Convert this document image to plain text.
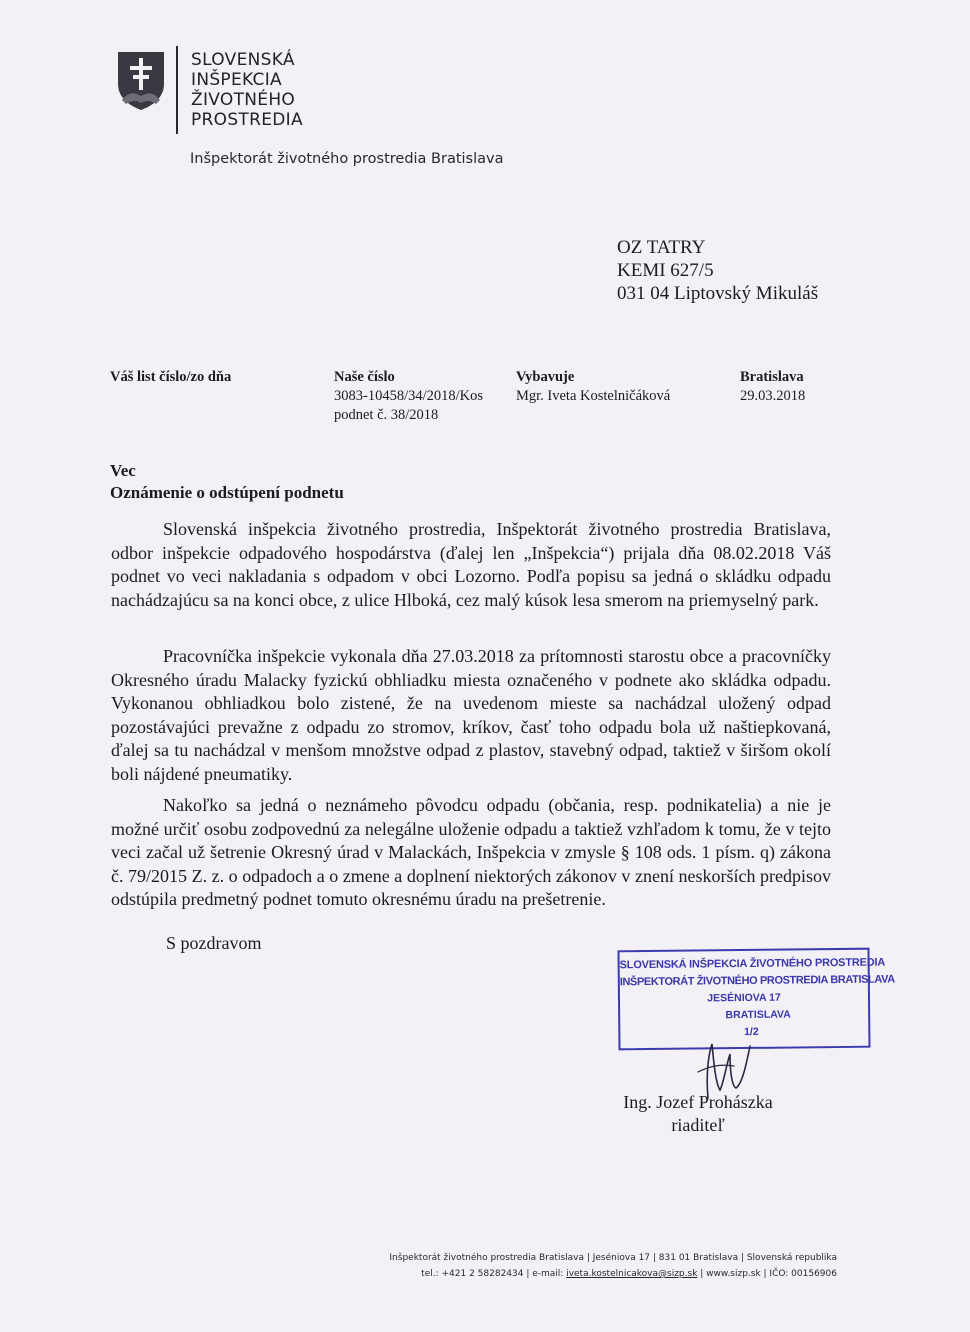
SLOVENSKÁ
INŠPEKCIA
ŽIVOTNÉHO
PROSTREDIA
Inšpektorát životného prostredia Bratislava
OZ TATRY
KEMI 627/5
031 04 Liptovský Mikuláš
Váš list číslo/zo dňa	Naše číslo
3083-10458/34/2018/Kos
podnet č. 38/2018
Vybavuje
Mgr. Iveta Kostelničáková
Bratislava
29.03.2018
Vec
Oznámenie o odstúpení podnetu
Slovenská inšpekcia životného prostredia, Inšpektorát životného prostredia Bratislava, odbor inšpekcie odpadového hospodárstva (ďalej len „Inšpekcia“) prijala dňa 08.02.2018 Váš podnet vo veci nakladania s odpadom v obci Lozorno. Podľa popisu sa jedná o skládku odpadu nachádzajúcu sa na konci obce, z ulice Hlboká, cez malý kúsok lesa smerom na priemyselný park.
Pracovníčka inšpekcie vykonala dňa 27.03.2018 za prítomnosti starostu obce a pracovníčky Okresného úradu Malacky fyzickú obhliadku miesta označeného v podnete ako skládka odpadu. Vykonanou obhliadkou bolo zistené, že na uvedenom mieste sa nachádzal uložený odpad pozostávajúci prevažne z odpadu zo stromov, kríkov, časť toho odpadu bola už naštiepkovaná, ďalej sa tu nachádzal v menšom množstve odpad z plastov, stavebný odpad, taktiež v širšom okolí boli nájdené pneumatiky.
Nakoľko sa jedná o neznámeho pôvodcu odpadu (občania, resp. podnikatelia) a nie je možné určiť osobu zodpovednú za nelegálne uloženie odpadu a taktiež vzhľadom k tomu, že v tejto veci začal už šetrenie Okresný úrad v Malackách, Inšpekcia v zmysle § 108 ods. 1 písm. q) zákona č. 79/2015 Z. z. o odpadoch a o zmene a doplnení niektorých zákonov v znení neskorších predpisov odstúpila predmetný podnet tomuto okresnému úradu na prešetrenie.
S pozdravom
SLOVENSKÁ INŠPEKCIA ŽIVOTNÉHO PROSTREDIA
INŠPEKTORÁT ŽIVOTNÉHO PROSTREDIA BRATISLAVA
JESÉNIOVA 17
BRATISLAVA
1/2
Ing. Jozef Prohászka
riaditeľ
Inšpektorát životného prostredia Bratislava | Jeséniova 17 | 831 01 Bratislava | Slovenská republika
tel.: +421 2 58282434 | e-mail: iveta.kostelnicakova@sizp.sk | www.sizp.sk | IČO: 00156906
